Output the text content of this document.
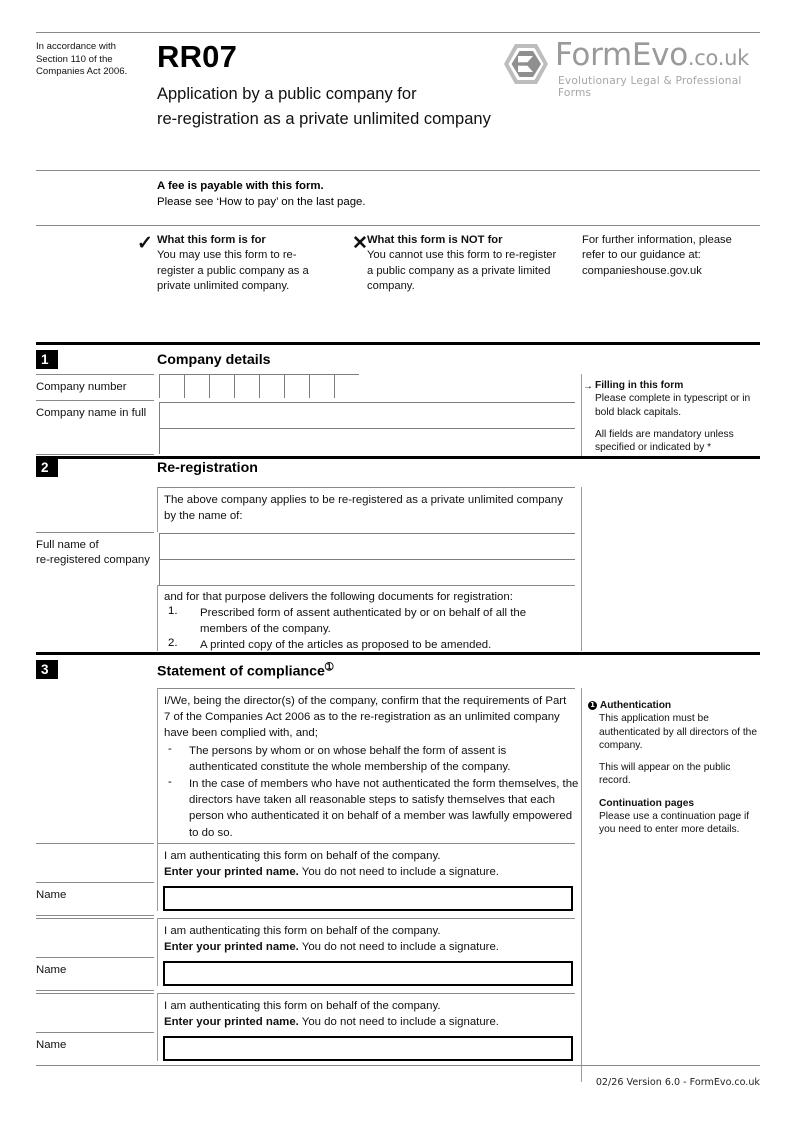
In accordance with Section 110 of the Companies Act 2006. RR07
Application by a public company for
re-registration as a private unlimited company
FormEvo.co.uk
Evolutionary Legal & Professional Forms
A fee is payable with this form.
Please see ‘How to pay’ on the last page.
✓ What this form is for
You may use this form to re-register a public company as a private unlimited company.
✕ What this form is NOT for
You cannot use this form to re-register a public company as a private limited company.
For further information, please
refer to our guidance at:
companieshouse.gov.uk
1	Company details
Company number
Company name in full
→ Filling in this form

Please complete in typescript or in bold black capitals.

All fields are mandatory unless specified or indicated by *

2	Re-registration
The above company applies to be re-registered as a private unlimited company by the name of:
Full name of
re-registered company
and for that purpose delivers the following documents for registration:
1. Prescribed form of assent authenticated by or on behalf of all the members of the company.
2. A printed copy of the articles as proposed to be amended.
3	Statement of compliance$^➀$
I/We, being the director(s) of the company, confirm that the requirements of Part 7 of the Companies Act 2006 as to the re-registration as an unlimited company have been complied with, and;
- The persons by whom or on whose behalf the form of assent is authenticated constitute the whole membership of the company.
- In the case of members who have not authenticated the form themselves, the directors have taken all reasonable steps to satisfy themselves that each person who authenticated it on behalf of a member was lawfully empowered to do so.

1 Authentication

This application must be authenticated by all directors of the company.

This will appear on the public record.

Continuation pages

Please use a continuation page if you need to enter more details.

I am authenticating this form on behalf of the company.
Enter your printed name. You do not need to include a signature.
Name
I am authenticating this form on behalf of the company.
Enter your printed name. You do not need to include a signature.
Name
I am authenticating this form on behalf of the company.
Enter your printed name. You do not need to include a signature.
Name
02/26 Version 6.0 - FormEvo.co.uk
